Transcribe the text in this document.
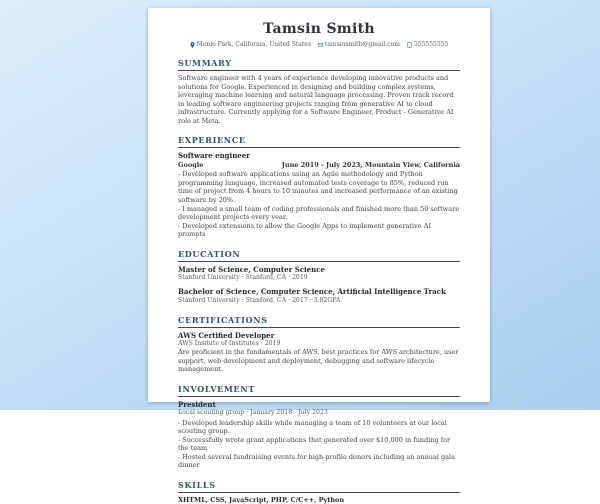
Tamsin Smith
Menlo Park, California, United States tamsinsmith@gmail.com 555555555
SUMMARY
Software engineer with 4 years of experience developing innovative products and solutions for Google. Experienced in designing and building complex systems, leveraging machine learning and natural language processing. Proven track record in leading software engineering projects ranging from generative AI to cloud infrastructure. Currently applying for a Software Engineer, Product - Generative AI role at Meta.
EXPERIENCE
Software engineer
Google	June 2019 - July 2023, Mountain View, California
- Developed software applications using an Agile methodology and Python programming language, increased automated tests coverage to 85%, reduced run time of project from 4 hours to 10 minutes and increased performance of an existing software by 20%.
- I managed a small team of coding professionals and finished more than 50 software development projects every year.
- Developed extensions to allow the Google Apps to implement generative AI prompts
EDUCATION
Master of Science, Computer Science
Stanford University · Stanford, CA · 2019
Bachelor of Science, Computer Science, Artificial Intelligence Track
Stanford University · Stanford, CA · 2017 · 3.82GPA
CERTIFICATIONS
AWS Certified Developer
AWS Insitute of Institutes · 2019
Are proficient in the fundamentals of AWS, best practices for AWS architecture, user support, web development and deployment, debugging and software lifecycle management.
INVOLVEMENT
President
Local scouting group · January 2018 - July 2023
- Developed leadership skills while managing a team of 10 volunteers at our local scouting group.
- Successfully wrote grant applications that generated over $10,000 in funding for the team
- Hosted several fundraising events for high-profile donors including an annual gala dinner
SKILLS
XHTML, CSS, JavaScript, PHP, C/C++, Python
